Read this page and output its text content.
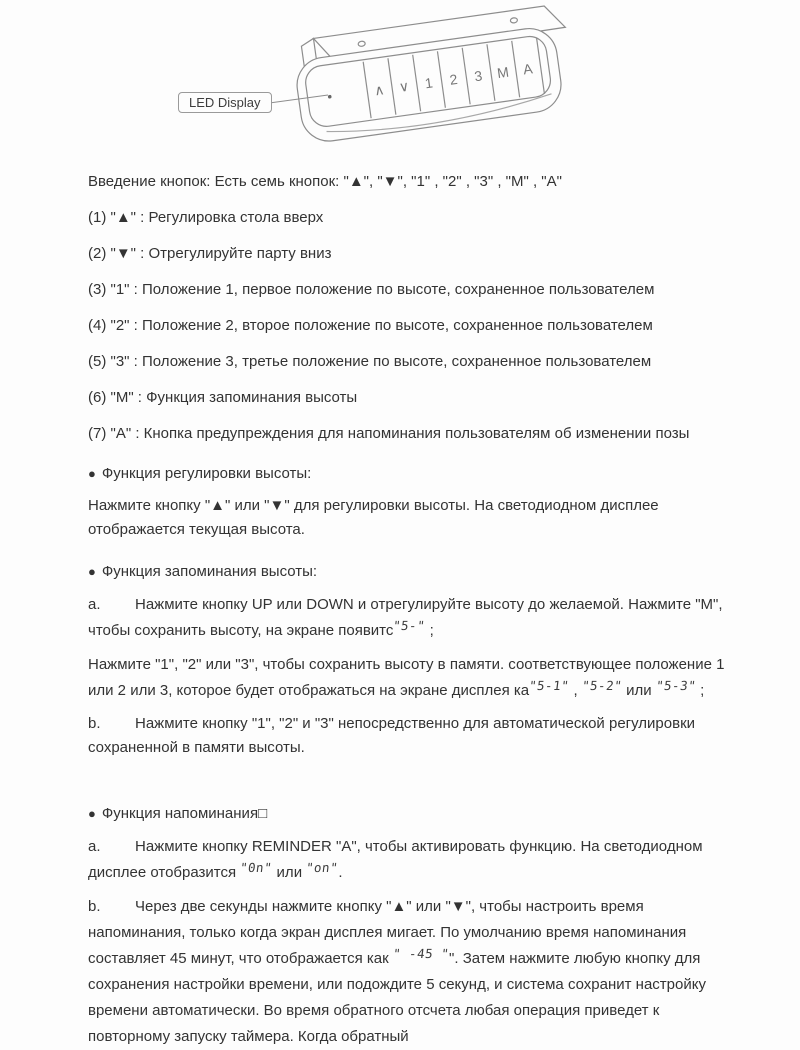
∧ ∨ 1 2 3 M A
LED Display

Введение кнопок: Есть семь кнопок: "▲", "▼", "1" , "2" , "3" , "М" , "А"

(1) "▲" : Регулировка стола вверх

(2) "▼" : Отрегулируйте парту вниз

(3) "1" : Положение 1, первое положение по высоте, сохраненное пользователем

(4) "2" : Положение 2, второе положение по высоте, сохраненное пользователем

(5) "3" : Положение 3, третье положение по высоте, сохраненное пользователем

(6) "М" : Функция запоминания высоты

(7) "А" : Кнопка предупреждения для напоминания пользователям об изменении позы

● Функция регулировки высоты:

Нажмите кнопку "▲" или "▼" для регулировки высоты. На светодиодном дисплее отображается текущая высота.

● Функция запоминания высоты:

a. Нажмите кнопку UP или DOWN и отрегулируйте высоту до желаемой. Нажмите "M", чтобы сохранить высоту, на экране появитс"5-" ;

Нажмите "1", "2" или "3", чтобы сохранить высоту в памяти. соответствующее положение 1 или 2 или 3, которое будет отображаться на экране дисплея ка"5-1" , "5-2" или "5-3" ;

b. Нажмите кнопку "1", "2" и "3" непосредственно для автоматической регулировки сохраненной в памяти высоты.

● Функция напоминания□

a. Нажмите кнопку REMINDER "A", чтобы активировать функцию. На светодиодном дисплее отобразится "0n" или "on".

b. Через две секунды нажмите кнопку "▲" или "▼", чтобы настроить время напоминания, только когда экран дисплея мигает. По умолчанию время напоминания составляет 45 минут, что отображается как " -45 "". Затем нажмите любую кнопку для сохранения настройки времени, или подождите 5 секунд, и система сохранит настройку времени автоматически. Во время обратного отсчета любая операция приведет к повторному запуску таймера. Когда обратный
